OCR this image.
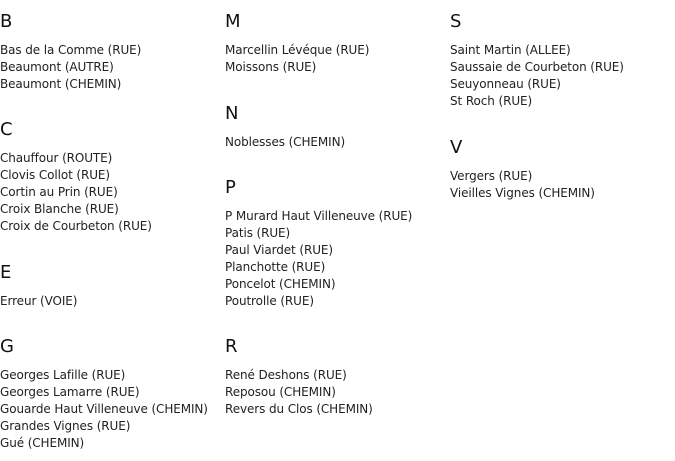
B
Bas de la Comme (RUE)
Beaumont (AUTRE)
Beaumont (CHEMIN)
C
Chauffour (ROUTE)
Clovis Collot (RUE)
Cortin au Prin (RUE)
Croix Blanche (RUE)
Croix de Courbeton (RUE)
E
Erreur (VOIE)
G
Georges Lafille (RUE)
Georges Lamarre (RUE)
Gouarde Haut Villeneuve (CHEMIN)
Grandes Vignes (RUE)
Gué (CHEMIN)
M
Marcellin Lévéque (RUE)
Moissons (RUE)
N
Noblesses (CHEMIN)
P
P Murard Haut Villeneuve (RUE)
Patis (RUE)
Paul Viardet (RUE)
Planchotte (RUE)
Poncelot (CHEMIN)
Poutrolle (RUE)
R
René Deshons (RUE)
Reposou (CHEMIN)
Revers du Clos (CHEMIN)
S
Saint Martin (ALLEE)
Saussaie de Courbeton (RUE)
Seuyonneau (RUE)
St Roch (RUE)
V
Vergers (RUE)
Vieilles Vignes (CHEMIN)
